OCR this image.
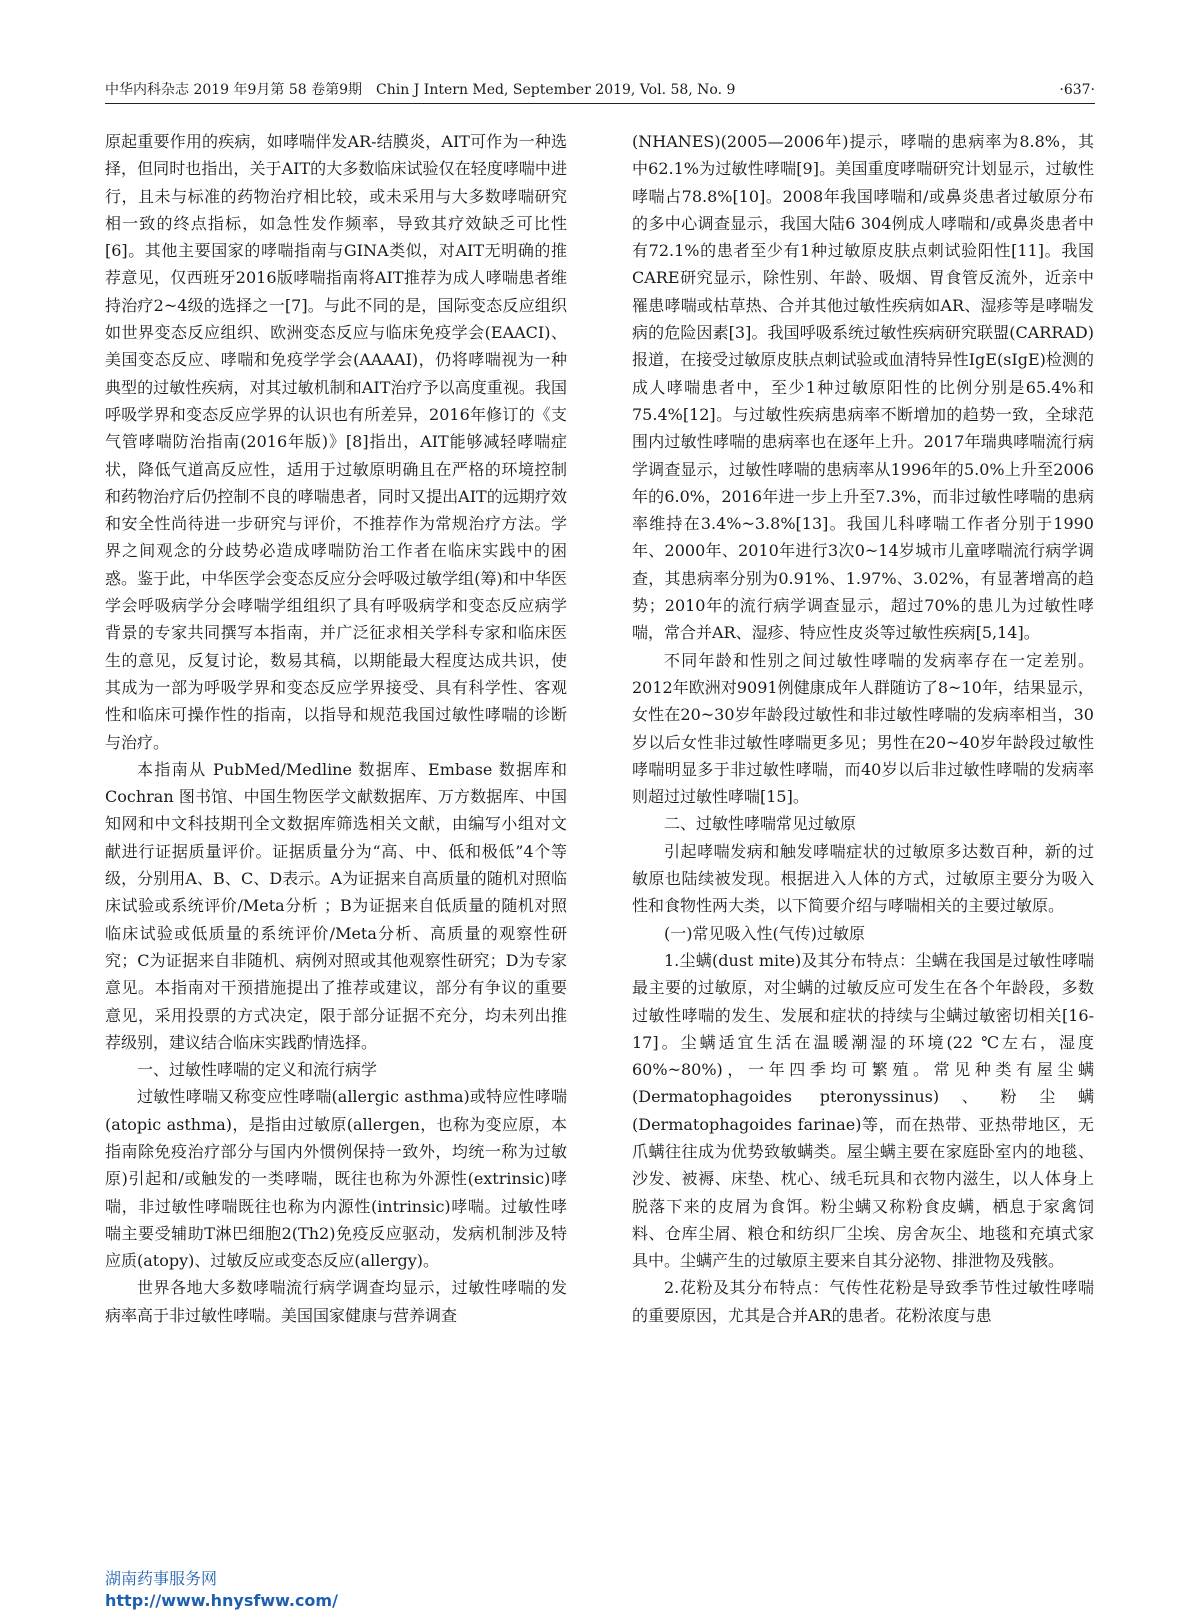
中华内科杂志 2019 年9月第 58 卷第9期　Chin J Intern Med, September 2019, Vol. 58, No. 9	·637·

原起重要作用的疾病，如哮喘伴发AR-结膜炎，AIT可作为一种选择，但同时也指出，关于AIT的大多数临床试验仅在轻度哮喘中进行，且未与标准的药物治疗相比较，或未采用与大多数哮喘研究相一致的终点指标，如急性发作频率，导致其疗效缺乏可比性[6]。其他主要国家的哮喘指南与GINA类似，对AIT无明确的推荐意见，仅西班牙2016版哮喘指南将AIT推荐为成人哮喘患者维持治疗2~4级的选择之一[7]。与此不同的是，国际变态反应组织如世界变态反应组织、欧洲变态反应与临床免疫学会(EAACI)、美国变态反应、哮喘和免疫学学会(AAAAI)，仍将哮喘视为一种典型的过敏性疾病，对其过敏机制和AIT治疗予以高度重视。我国呼吸学界和变态反应学界的认识也有所差异，2016年修订的《支气管哮喘防治指南(2016年版)》[8]指出，AIT能够减轻哮喘症状，降低气道高反应性，适用于过敏原明确且在严格的环境控制和药物治疗后仍控制不良的哮喘患者，同时又提出AIT的远期疗效和安全性尚待进一步研究与评价，不推荐作为常规治疗方法。学界之间观念的分歧势必造成哮喘防治工作者在临床实践中的困惑。鉴于此，中华医学会变态反应分会呼吸过敏学组(筹)和中华医学会呼吸病学分会哮喘学组组织了具有呼吸病学和变态反应病学背景的专家共同撰写本指南，并广泛征求相关学科专家和临床医生的意见，反复讨论，数易其稿，以期能最大程度达成共识，使其成为一部为呼吸学界和变态反应学界接受、具有科学性、客观性和临床可操作性的指南，以指导和规范我国过敏性哮喘的诊断与治疗。

本指南从 PubMed/Medline 数据库、Embase 数据库和Cochran 图书馆、中国生物医学文献数据库、万方数据库、中国知网和中文科技期刊全文数据库筛选相关文献，由编写小组对文献进行证据质量评价。证据质量分为“高、中、低和极低”4个等级，分别用A、B、C、D表示。A为证据来自高质量的随机对照临床试验或系统评价/Meta分析 ；B为证据来自低质量的随机对照临床试验或低质量的系统评价/Meta分析、高质量的观察性研究；C为证据来自非随机、病例对照或其他观察性研究；D为专家意见。本指南对干预措施提出了推荐或建议，部分有争议的重要意见，采用投票的方式决定，限于部分证据不充分，均未列出推荐级别，建议结合临床实践酌情选择。

一、过敏性哮喘的定义和流行病学

过敏性哮喘又称变应性哮喘(allergic asthma)或特应性哮喘(atopic asthma)，是指由过敏原(allergen，也称为变应原，本指南除免疫治疗部分与国内外惯例保持一致外，均统一称为过敏原)引起和/或触发的一类哮喘，既往也称为外源性(extrinsic)哮喘，非过敏性哮喘既往也称为内源性(intrinsic)哮喘。过敏性哮喘主要受辅助T淋巴细胞2(Th2)免疫反应驱动，发病机制涉及特应质(atopy)、过敏反应或变态反应(allergy)。

世界各地大多数哮喘流行病学调查均显示，过敏性哮喘的发病率高于非过敏性哮喘。美国国家健康与营养调查

(NHANES)(2005—2006年)提示，哮喘的患病率为8.8%，其中62.1%为过敏性哮喘[9]。美国重度哮喘研究计划显示，过敏性哮喘占78.8%[10]。2008年我国哮喘和/或鼻炎患者过敏原分布的多中心调查显示，我国大陆6 304例成人哮喘和/或鼻炎患者中有72.1%的患者至少有1种过敏原皮肤点刺试验阳性[11]。我国CARE研究显示，除性别、年龄、吸烟、胃食管反流外，近亲中罹患哮喘或枯草热、合并其他过敏性疾病如AR、湿疹等是哮喘发病的危险因素[3]。我国呼吸系统过敏性疾病研究联盟(CARRAD)报道，在接受过敏原皮肤点刺试验或血清特异性IgE(sIgE)检测的成人哮喘患者中，至少1种过敏原阳性的比例分别是65.4%和75.4%[12]。与过敏性疾病患病率不断增加的趋势一致，全球范围内过敏性哮喘的患病率也在逐年上升。2017年瑞典哮喘流行病学调查显示，过敏性哮喘的患病率从1996年的5.0%上升至2006年的6.0%，2016年进一步上升至7.3%，而非过敏性哮喘的患病率维持在3.4%~3.8%[13]。我国儿科哮喘工作者分别于1990年、2000年、2010年进行3次0~14岁城市儿童哮喘流行病学调查，其患病率分别为0.91%、1.97%、3.02%，有显著增高的趋势；2010年的流行病学调查显示，超过70%的患儿为过敏性哮喘，常合并AR、湿疹、特应性皮炎等过敏性疾病[5,14]。

不同年龄和性别之间过敏性哮喘的发病率存在一定差别。2012年欧洲对9091例健康成年人群随访了8~10年，结果显示，女性在20~30岁年龄段过敏性和非过敏性哮喘的发病率相当，30岁以后女性非过敏性哮喘更多见；男性在20~40岁年龄段过敏性哮喘明显多于非过敏性哮喘，而40岁以后非过敏性哮喘的发病率则超过过敏性哮喘[15]。

二、过敏性哮喘常见过敏原

引起哮喘发病和触发哮喘症状的过敏原多达数百种，新的过敏原也陆续被发现。根据进入人体的方式，过敏原主要分为吸入性和食物性两大类，以下简要介绍与哮喘相关的主要过敏原。

(一)常见吸入性(气传)过敏原

1.尘螨(dust mite)及其分布特点：尘螨在我国是过敏性哮喘最主要的过敏原，对尘螨的过敏反应可发生在各个年龄段，多数过敏性哮喘的发生、发展和症状的持续与尘螨过敏密切相关[16-17]。尘螨适宜生活在温暖潮湿的环境(22 ℃左右，湿度60%~80%)，一年四季均可繁殖。常见种类有屋尘螨(Dermatophagoides pteronyssinus)、粉尘螨(Dermatophagoides farinae)等，而在热带、亚热带地区，无爪螨往往成为优势致敏螨类。屋尘螨主要在家庭卧室内的地毯、沙发、被褥、床垫、枕心、绒毛玩具和衣物内滋生，以人体身上脱落下来的皮屑为食饵。粉尘螨又称粉食皮螨，栖息于家禽饲料、仓库尘屑、粮仓和纺织厂尘埃、房舍灰尘、地毯和充填式家具中。尘螨产生的过敏原主要来自其分泌物、排泄物及残骸。

2.花粉及其分布特点：气传性花粉是导致季节性过敏性哮喘的重要原因，尤其是合并AR的患者。花粉浓度与患

湖南药事服务网
http://www.hnysfww.com/
